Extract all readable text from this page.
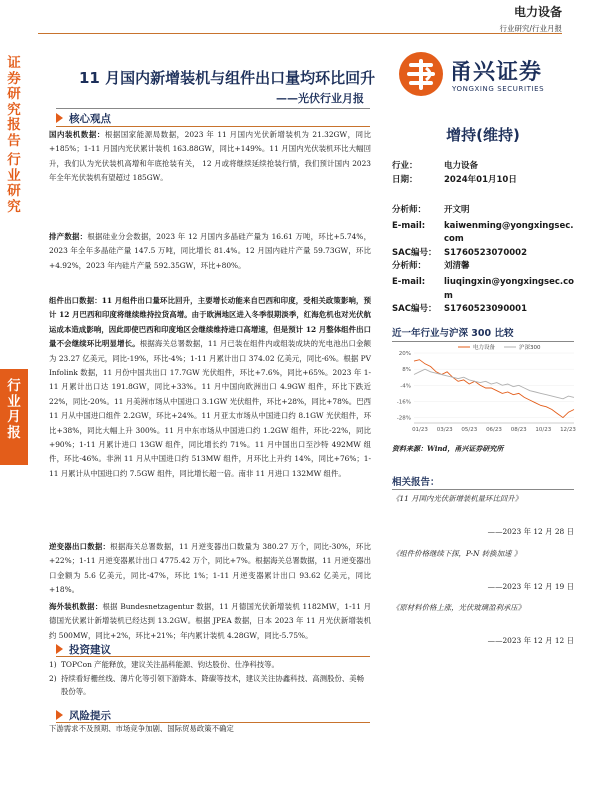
电力设备
行业研究/行业月报
证
券
研
究
报
告
行
业
研
究
行
业
月
报
11 月国内新增装机与组件出口量均环比回升
——光伏行业月报
甬兴证券
YONGXING SECURITIES
核心观点
国内装机数据：根据国家能源局数据，2023 年 11 月国内光伏新增装机为 21.32GW，同比+185%；1-11 月国内光伏累计装机 163.88GW，同比+149%。11 月国内光伏装机环比大幅回升，我们认为光伏装机高增和年底抢装有关， 12 月或将继续延续抢装行情，我们预计国内 2023 年全年光伏装机有望超过 185GW。
排产数据：根据硅业分会数据，2023 年 12 月国内多晶硅产量为 16.61 万吨，环比+5.74%，2023 年全年多晶硅产量 147.5 万吨，同比增长 81.4%。12 月国内硅片产量 59.73GW，环比+4.92%，2023 年内硅片产量 592.35GW，环比+80%。
组件出口数据：11 月组件出口量环比回升，主要增长动能来自巴西和印度，受相关政策影响，预计 12 月巴西和印度将继续维持拉货高增。由于欧洲地区进入冬季很期淡季，红海危机也对光伏航运成本造成影响，因此即使巴西和印度地区会继续维持进口高增速，但是预计 12 月整体组件出口量不会继续环比明显增长。根据海关总署数据，11 月已装在组件内或组装成块的光电池出口金额为 23.27 亿美元，同比-19%，环比-4%；1-11 月累计出口 374.02 亿美元，同比-6%。根据 PV Infolink 数据，11 月份中国共出口 17.7GW 光伏组件，环比+7.6%，同比+65%。2023 年 1-11 月累计出口达 191.8GW，同比+33%。11 月中国向欧洲出口 4.9GW 组件，环比下跌近 22%，同比-20%。11 月美洲市场从中国进口 3.1GW 光伏组件，环比+28%，同比+78%。巴西 11 月从中国进口组件 2.2GW，环比+24%。11 月亚太市场从中国进口约 8.1GW 光伏组件，环比+38%，同比大幅上升 300%。11 月中东市场从中国进口约 1.2GW 组件，环比-22%，同比+90%；1-11 月累计进口 13GW 组件，同比增长约 71%。11 月中国出口至沙特 492MW 组件，环比-46%。非洲 11 月从中国进口约 513MW 组件，月环比上升约 14%，同比+76%；1-11 月累计从中国进口约 7.5GW 组件，同比增长超一倍。南非 11 月进口 132MW 组件。
逆变器出口数据：根据海关总署数据，11 月逆变器出口数量为 380.27 万个，同比-30%，环比+22%；1-11 月逆变器累计出口 4775.42 万个，同比+7%。根据海关总署数据，11 月逆变器出口金额为 5.6 亿美元，同比-47%，环比 1%；1-11 月逆变器累计出口 93.62 亿美元，同比+18%。
海外装机数据：根据 Bundesnetzagentur 数据，11 月德国光伏新增装机 1182MW，1-11 月德国光伏累计新增装机已经达到 13.2GW。根据 JPEA 数据，日本 2023 年 11 月光伏新增装机约 500MW，同比+2%，环比+21%；年内累计装机 4.28GW，同比-5.75%。
投资建议
1) TOPCon 产能释放，建议关注晶科能源、钧达股份、仕净科技等。
2) 持续看好栅丝线、薄片化等引领下游降本、降碳等技术，建议关注协鑫科技、高测股份、美畅股份等。
风险提示
下游需求不及预期、市场竞争加剧、国际贸易政策不确定
增持(维持)
行业：	电力设备
日期：	2024年01月10日
分析师：	开文明
E-mail:	kaiwenming@yongxingsec.com
SAC编号： S1760523070002
分析师：	刘清馨
E-mail:	liuqingxin@yongxingsec.com
SAC编号： S1760523090001
近一年行业与沪深 300 比较
20%
8%
-4%
-16%
-28%
01/23 03/23 05/23 06/23 08/23 10/23 12/23
电力设备	沪深300
资料来源：Wind，甬兴证券研究所
相关报告：
《11 月国内光伏新增装机量环比回升》
——2023 年 12 月 28 日
《组件价格继续下探，P-N 转换加速 》
——2023 年 12 月 19 日
《原材料价格上涨，光伏玻璃盈利承压》
——2023 年 12 月 12 日
